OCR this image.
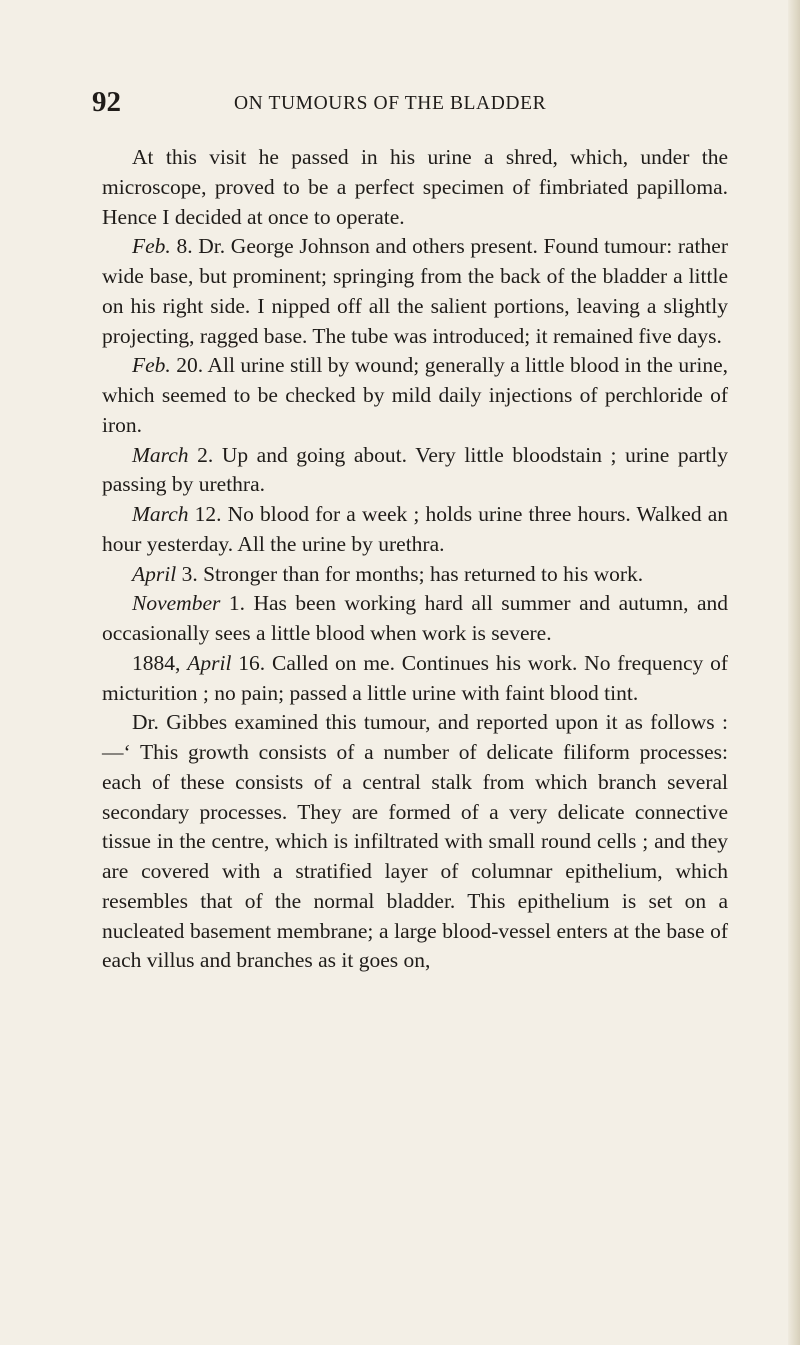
92	ON TUMOURS OF THE BLADDER

At this visit he passed in his urine a shred, which, under the microscope, proved to be a perfect specimen of fimbriated papilloma. Hence I decided at once to operate.

Feb. 8. Dr. George Johnson and others present. Found tumour: rather wide base, but prominent; springing from the back of the bladder a little on his right side. I nipped off all the salient portions, leaving a slightly projecting, ragged base. The tube was introduced; it remained five days.

Feb. 20. All urine still by wound; generally a little blood in the urine, which seemed to be checked by mild daily injections of perchloride of iron.

March 2. Up and going about. Very little bloodstain ; urine partly passing by urethra.

March 12. No blood for a week ; holds urine three hours. Walked an hour yesterday. All the urine by urethra.

April 3. Stronger than for months; has returned to his work.

November 1. Has been working hard all summer and autumn, and occasionally sees a little blood when work is severe.

1884, April 16. Called on me. Continues his work. No frequency of micturition ; no pain; passed a little urine with faint blood tint.

Dr. Gibbes examined this tumour, and reported upon it as follows :—‘ This growth consists of a number of delicate filiform processes: each of these consists of a central stalk from which branch several secondary processes. They are formed of a very delicate connective tissue in the centre, which is infiltrated with small round cells ; and they are covered with a stratified layer of columnar epithelium, which resembles that of the normal bladder. This epithelium is set on a nucleated basement membrane; a large blood-vessel enters at the base of each villus and branches as it goes on,
